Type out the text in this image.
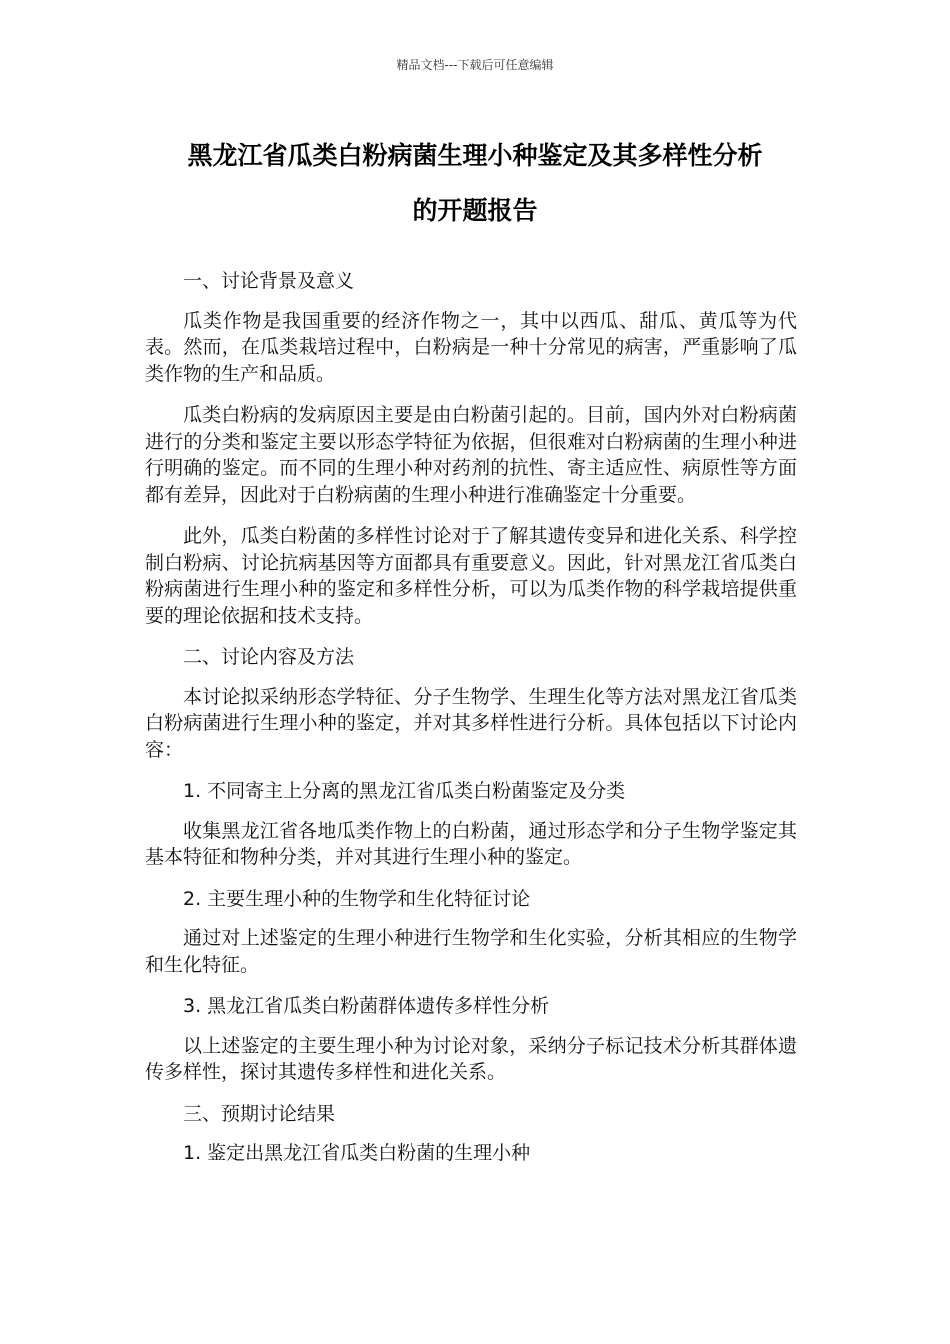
精品文档---下载后可任意编辑
黑龙江省瓜类白粉病菌生理小种鉴定及其多样性分析
的开题报告

一、讨论背景及意义

瓜类作物是我国重要的经济作物之一，其中以西瓜、甜瓜、黄瓜等为代表。然而，在瓜类栽培过程中，白粉病是一种十分常见的病害，严重影响了瓜类作物的生产和品质。

瓜类白粉病的发病原因主要是由白粉菌引起的。目前，国内外对白粉病菌进行的分类和鉴定主要以形态学特征为依据，但很难对白粉病菌的生理小种进行明确的鉴定。而不同的生理小种对药剂的抗性、寄主适应性、病原性等方面都有差异，因此对于白粉病菌的生理小种进行准确鉴定十分重要。

此外，瓜类白粉菌的多样性讨论对于了解其遗传变异和进化关系、科学控制白粉病、讨论抗病基因等方面都具有重要意义。因此，针对黑龙江省瓜类白粉病菌进行生理小种的鉴定和多样性分析，可以为瓜类作物的科学栽培提供重要的理论依据和技术支持。

二、讨论内容及方法

本讨论拟采纳形态学特征、分子生物学、生理生化等方法对黑龙江省瓜类白粉病菌进行生理小种的鉴定，并对其多样性进行分析。具体包括以下讨论内容：

1. 不同寄主上分离的黑龙江省瓜类白粉菌鉴定及分类

收集黑龙江省各地瓜类作物上的白粉菌，通过形态学和分子生物学鉴定其基本特征和物种分类，并对其进行生理小种的鉴定。

2. 主要生理小种的生物学和生化特征讨论

通过对上述鉴定的生理小种进行生物学和生化实验，分析其相应的生物学和生化特征。

3. 黑龙江省瓜类白粉菌群体遗传多样性分析

以上述鉴定的主要生理小种为讨论对象，采纳分子标记技术分析其群体遗传多样性，探讨其遗传多样性和进化关系。

三、预期讨论结果

1. 鉴定出黑龙江省瓜类白粉菌的生理小种
